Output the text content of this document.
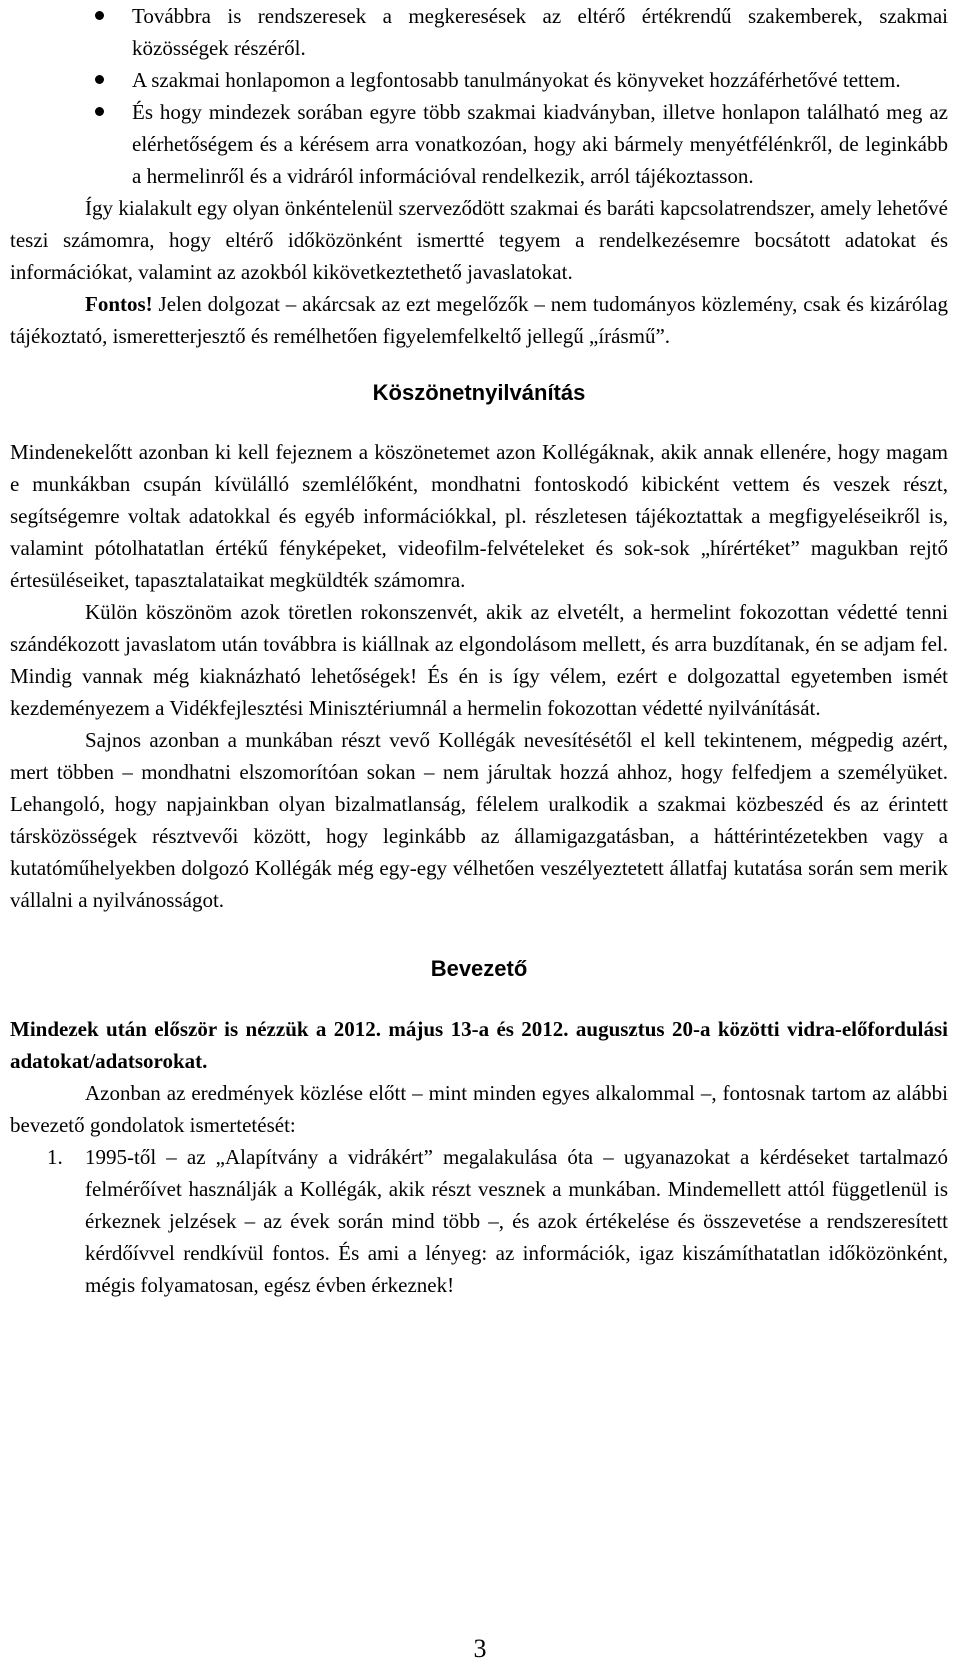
Továbbra is rendszeresek a megkeresések az eltérő értékrendű szakemberek, szakmai közösségek részéről.
A szakmai honlapomon a legfontosabb tanulmányokat és könyveket hozzáférhetővé tettem.
És hogy mindezek sorában egyre több szakmai kiadványban, illetve honlapon található meg az elérhetőségem és a kérésem arra vonatkozóan, hogy aki bármely menyétfélénkről, de leginkább a hermelinről és a vidráról információval rendelkezik, arról tájékoztasson.

Így kialakult egy olyan önkéntelenül szerveződött szakmai és baráti kapcsolatrendszer, amely lehetővé teszi számomra, hogy eltérő időközönként ismertté tegyem a rendelkezésemre bocsátott adatokat és információkat, valamint az azokból kikövetkeztethető javaslatokat.

Fontos! Jelen dolgozat – akárcsak az ezt megelőzők – nem tudományos közlemény, csak és kizárólag tájékoztató, ismeretterjesztő és remélhetően figyelemfelkeltő jellegű „írásmű”.

Köszönetnyilvánítás

Mindenekelőtt azonban ki kell fejeznem a köszönetemet azon Kollégáknak, akik annak ellenére, hogy magam e munkákban csupán kívülálló szemlélőként, mondhatni fontoskodó kibicként vettem és veszek részt, segítségemre voltak adatokkal és egyéb információkkal, pl. részletesen tájékoztattak a megfigyeléseikről is, valamint pótolhatatlan értékű fényképeket, videofilm-felvételeket és sok-sok „hírértéket” magukban rejtő értesüléseiket, tapasztalataikat megküldték számomra.

Külön köszönöm azok töretlen rokonszenvét, akik az elvetélt, a hermelint fokozottan védetté tenni szándékozott javaslatom után továbbra is kiállnak az elgondolásom mellett, és arra buzdítanak, én se adjam fel. Mindig vannak még kiaknázható lehetőségek! És én is így vélem, ezért e dolgozattal egyetemben ismét kezdeményezem a Vidékfejlesztési Minisztériumnál a hermelin fokozottan védetté nyilvánítását.

Sajnos azonban a munkában részt vevő Kollégák nevesítésétől el kell tekintenem, mégpedig azért, mert többen – mondhatni elszomorítóan sokan – nem járultak hozzá ahhoz, hogy felfedjem a személyüket. Lehangoló, hogy napjainkban olyan bizalmatlanság, félelem uralkodik a szakmai közbeszéd és az érintett társközösségek résztvevői között, hogy leginkább az államigazgatásban, a háttérintézetekben vagy a kutatóműhelyekben dolgozó Kollégák még egy-egy vélhetően veszélyeztetett állatfaj kutatása során sem merik vállalni a nyilvánosságot.

Bevezető

Mindezek után először is nézzük a 2012. május 13-a és 2012. augusztus 20-a közötti vidra-előfordulási adatokat/adatsorokat.

Azonban az eredmények közlése előtt – mint minden egyes alkalommal –, fontosnak tartom az alábbi bevezető gondolatok ismertetését:

1. 1995-től – az „Alapítvány a vidrákért” megalakulása óta – ugyanazokat a kérdéseket tartalmazó felmérőívet használják a Kollégák, akik részt vesznek a munkában. Mindemellett attól függetlenül is érkeznek jelzések – az évek során mind több –, és azok értékelése és összevetése a rendszeresített kérdőívvel rendkívül fontos. És ami a lényeg: az információk, igaz kiszámíthatatlan időközönként, mégis folyamatosan, egész évben érkeznek!
3
